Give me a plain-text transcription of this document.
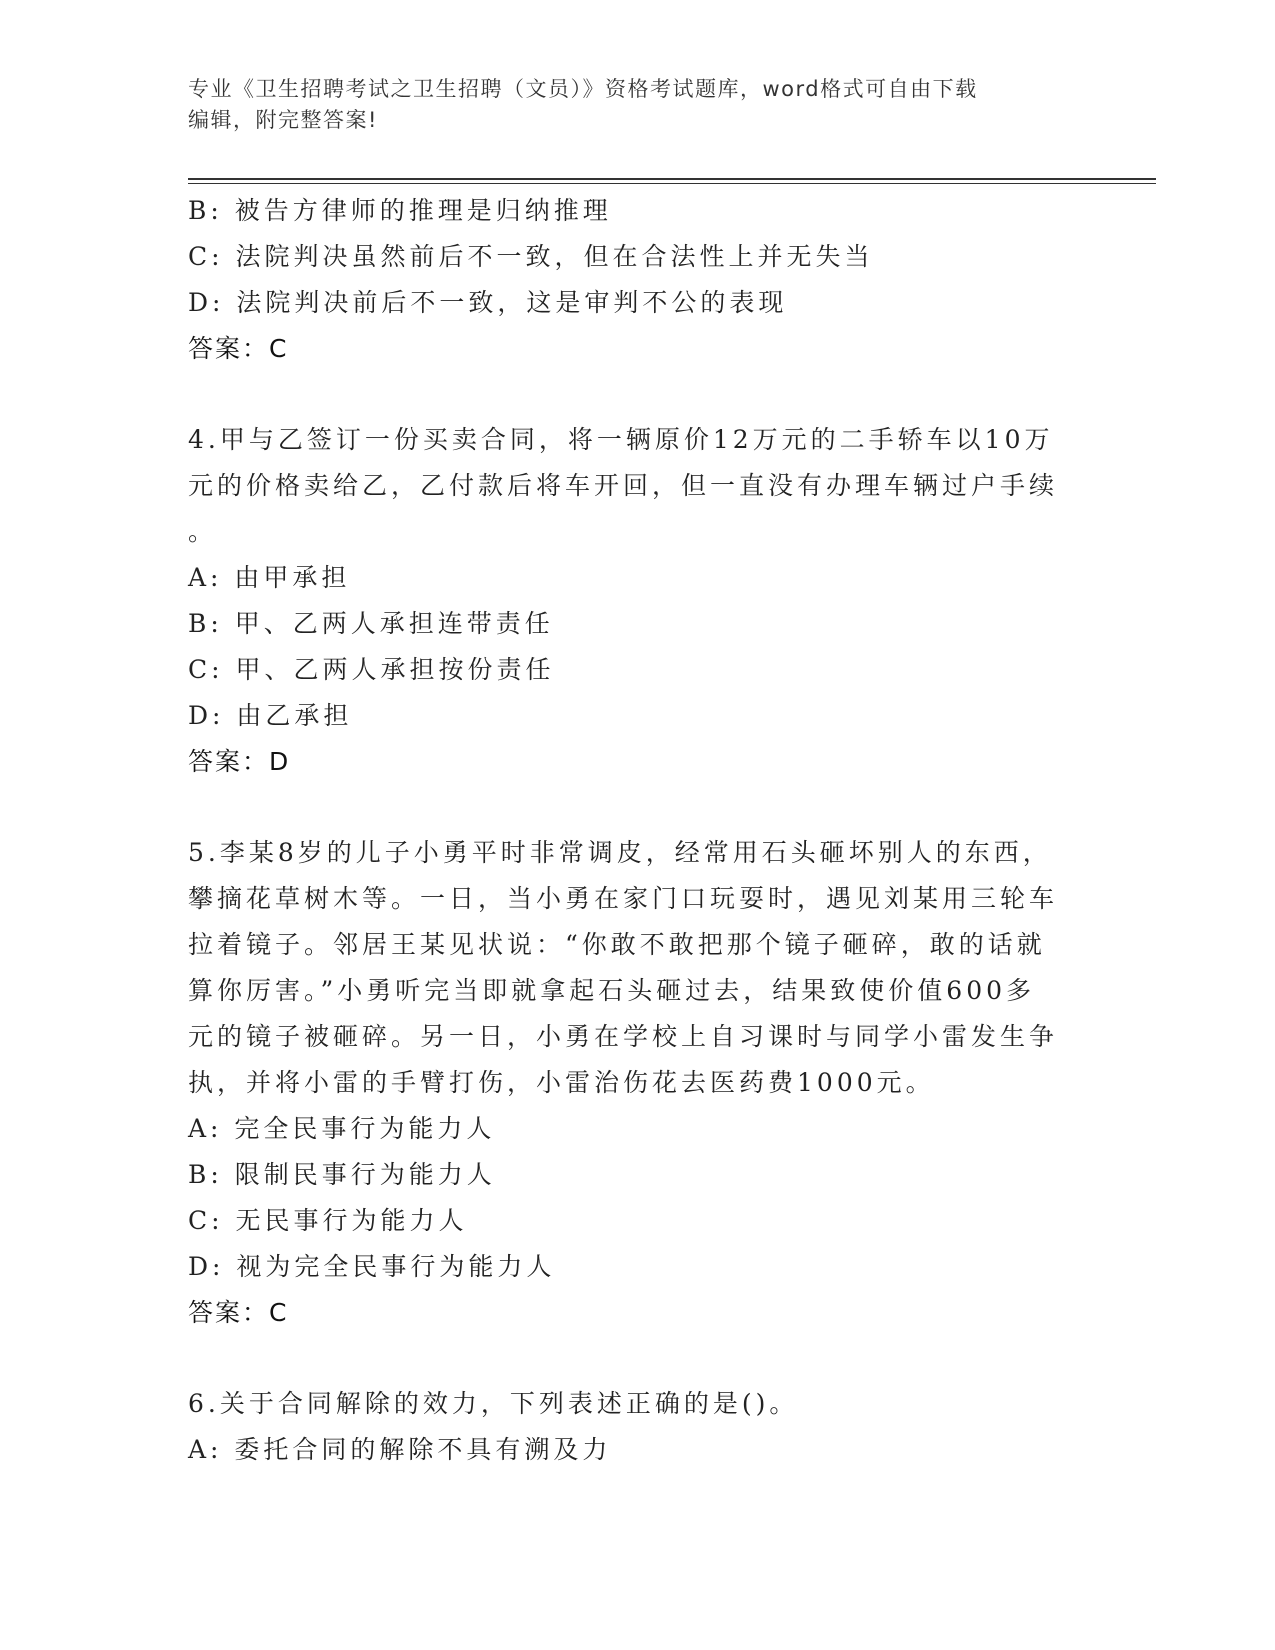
专业《卫生招聘考试之卫生招聘（文员）》资格考试题库，word格式可自由下载
编辑，附完整答案!
B: 被告方律师的推理是归纳推理
C: 法院判决虽然前后不一致，但在合法性上并无失当
D: 法院判决前后不一致，这是审判不公的表现
答案：C
4.甲与乙签订一份买卖合同，将一辆原价12万元的二手轿车以10万
元的价格卖给乙，乙付款后将车开回，但一直没有办理车辆过户手续
。
A: 由甲承担
B: 甲、乙两人承担连带责任
C: 甲、乙两人承担按份责任
D: 由乙承担
答案：D
5.李某8岁的儿子小勇平时非常调皮，经常用石头砸坏别人的东西，
攀摘花草树木等。一日，当小勇在家门口玩耍时，遇见刘某用三轮车
拉着镜子。邻居王某见状说：“你敢不敢把那个镜子砸碎，敢的话就
算你厉害。”小勇听完当即就拿起石头砸过去，结果致使价值600多
元的镜子被砸碎。另一日，小勇在学校上自习课时与同学小雷发生争
执，并将小雷的手臂打伤，小雷治伤花去医药费1000元。
A: 完全民事行为能力人
B: 限制民事行为能力人
C: 无民事行为能力人
D: 视为完全民事行为能力人
答案：C
6.关于合同解除的效力，下列表述正确的是()。
A: 委托合同的解除不具有溯及力
